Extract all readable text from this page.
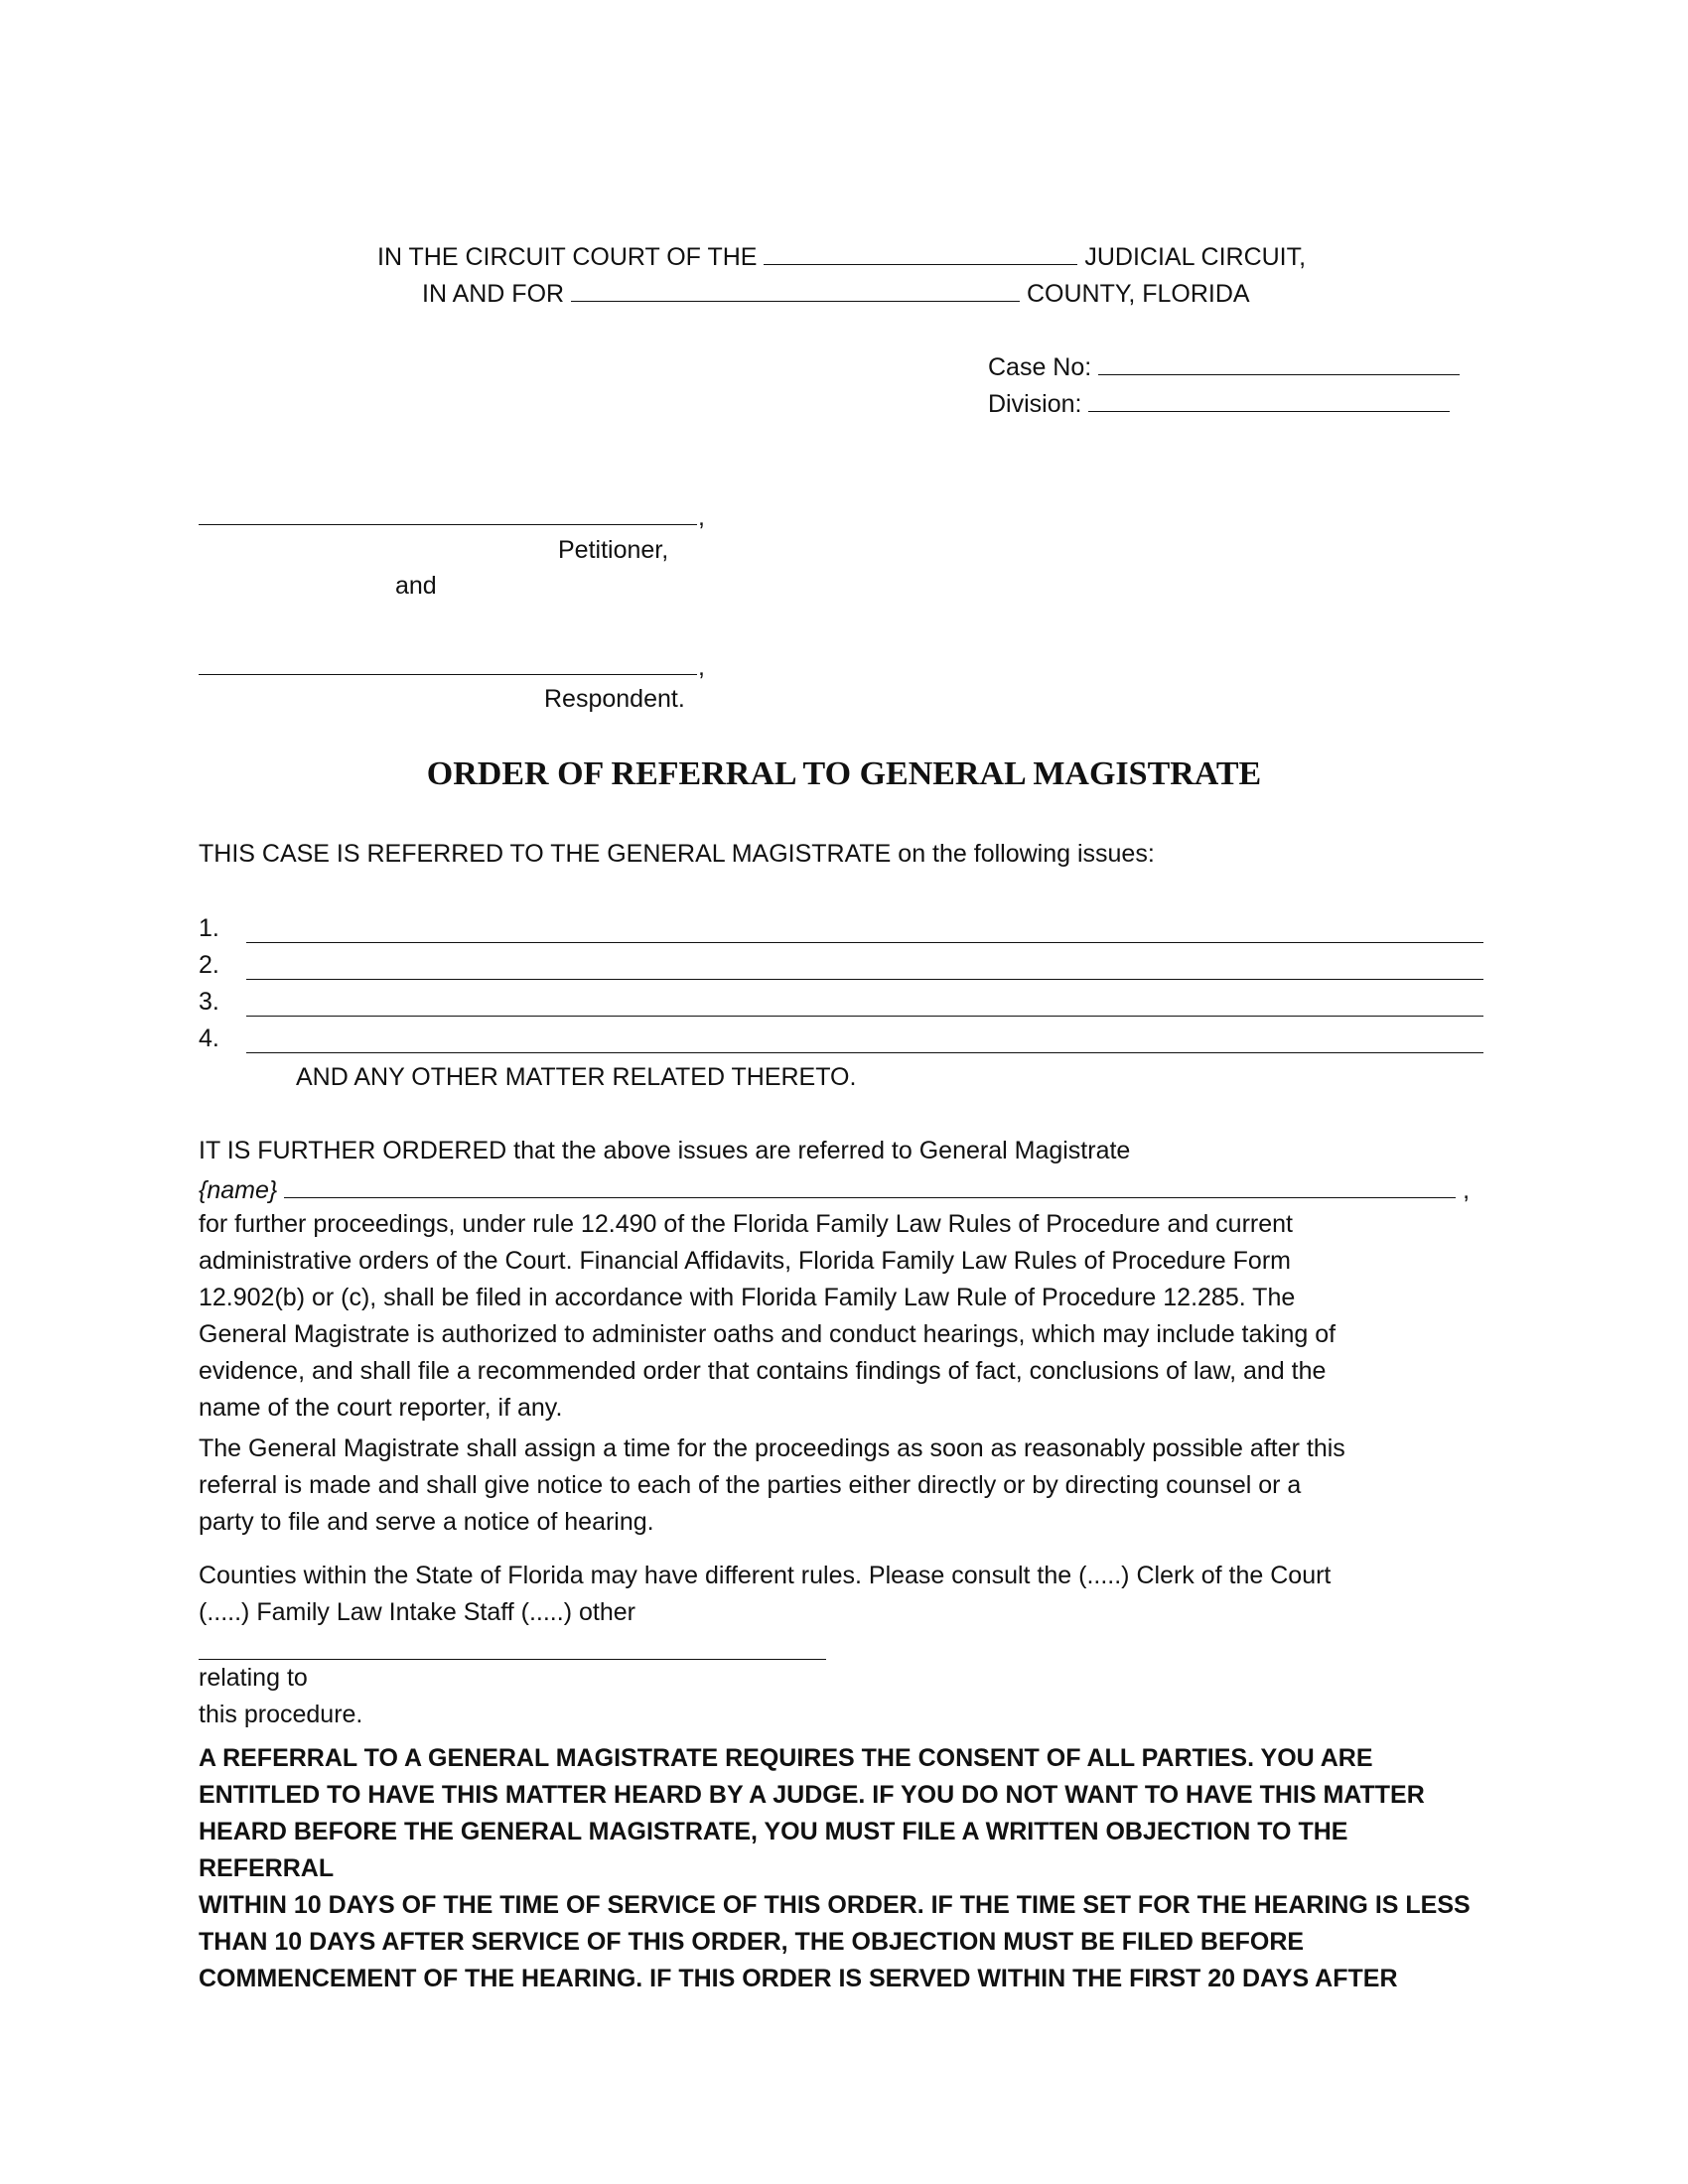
IN THE CIRCUIT COURT OF THE	JUDICIAL CIRCUIT,
IN AND FOR	COUNTY, FLORIDA
Case No:
Division:
,
Petitioner,
and
,
Respondent.
ORDER OF REFERRAL TO GENERAL MAGISTRATE
THIS CASE IS REFERRED TO THE GENERAL MAGISTRATE on the following issues:
1.
2.
3.
4.
AND ANY OTHER MATTER RELATED THERETO.
IT IS FURTHER ORDERED that the above issues are referred to General Magistrate
{name}	,
for further proceedings, under rule 12.490 of the Florida Family Law Rules of Procedure and current
administrative orders of the Court. Financial Affidavits, Florida Family Law Rules of Procedure Form
12.902(b) or (c), shall be filed in accordance with Florida Family Law Rule of Procedure 12.285. The
General Magistrate is authorized to administer oaths and conduct hearings, which may include taking of
evidence, and shall file a recommended order that contains findings of fact, conclusions of law, and the
name of the court reporter, if any.
The General Magistrate shall assign a time for the proceedings as soon as reasonably possible after this
referral is made and shall give notice to each of the parties either directly or by directing counsel or a
party to file and serve a notice of hearing.
Counties within the State of Florida may have different rules. Please consult the (.....) Clerk of the Court
(.....) Family Law Intake Staff (.....) other
relating to
this procedure.
A REFERRAL TO A GENERAL MAGISTRATE REQUIRES THE CONSENT OF ALL PARTIES. YOU ARE
ENTITLED TO HAVE THIS MATTER HEARD BY A JUDGE. IF YOU DO NOT WANT TO HAVE THIS MATTER
HEARD BEFORE THE GENERAL MAGISTRATE, YOU MUST FILE A WRITTEN OBJECTION TO THE REFERRAL
WITHIN 10 DAYS OF THE TIME OF SERVICE OF THIS ORDER. IF THE TIME SET FOR THE HEARING IS LESS
THAN 10 DAYS AFTER SERVICE OF THIS ORDER, THE OBJECTION MUST BE FILED BEFORE
COMMENCEMENT OF THE HEARING. IF THIS ORDER IS SERVED WITHIN THE FIRST 20 DAYS AFTER
